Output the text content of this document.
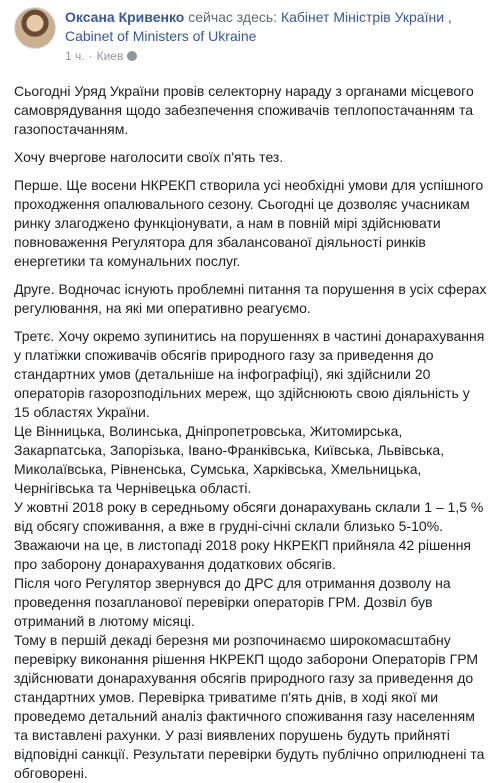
Оксана Кривенко сейчас здесь: Кабінет Міністрів України , Cabinet of Ministers of Ukraine
1 ч. · Киев

Сьогодні Уряд України провів селекторну нараду з органами місцевого самоврядування щодо забезпечення споживачів теплопостачанням та газопостачанням.

Хочу вчергове наголосити своїх п'ять тез.

Перше. Ще восени НКРЕКП створила усі необхідні умови для успішного проходження опалювального сезону. Сьогодні це дозволяє учасникам ринку злагоджено функціонувати, а нам в повній мірі здійснювати повноваження Регулятора для збалансованої діяльності ринків енергетики та комунальних послуг.

Друге. Водночас існують проблемні питання та порушення в усіх сферах регулювання, на які ми оперативно реагуємо.

Третє. Хочу окремо зупинитись на порушеннях в частині донарахування у платіжки споживачів обсягів природного газу за приведення до стандартних умов (детальніше на інфографіці), які здійснили 20 операторів газорозподільних мереж, що здійснюють свою діяльність у 15 областях України.

Це Вінницька, Волинська, Дніпропетровська, Житомирська, Закарпатська, Запорізька, Івано-Франківська, Київська, Львівська, Миколаївська, Рівненська, Сумська, Харківська, Хмельницька, Чернігівська та Чернівецька області.

У жовтні 2018 року в середньому обсяги донарахувань склали 1 – 1,5 % від обсягу споживання, а вже в грудні-січні склали близько 5-10%.

Зважаючи на це, в листопаді 2018 року НКРЕКП прийняла 42 рішення про заборону донарахування додаткових обсягів.

Після чого Регулятор звернувся до ДРС для отримання дозволу на проведення позапланової перевірки операторів ГРМ. Дозвіл був отриманий в лютому місяці.

Тому в першій декаді березня ми розпочинаємо широкомасштабну перевірку виконання рішення НКРЕКП щодо заборони Операторів ГРМ здійснювати донарахування обсягів природного газу за приведення до стандартних умов. Перевірка триватиме п'ять днів, в ході якої ми проведемо детальний аналіз фактичного споживання газу населенням та виставлені рахунки. У разі виявлених порушень будуть прийняті відповідні санкції. Результати перевірки будуть публічно оприлюднені та обговорені.
